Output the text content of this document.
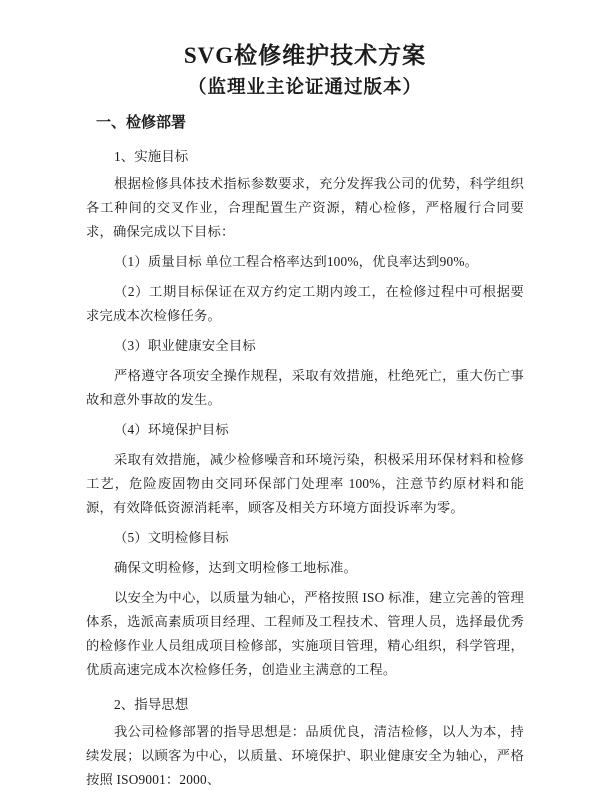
SVG检修维护技术方案
（监理业主论证通过版本）
一、检修部署
1、实施目标

根据检修具体技术指标参数要求，充分发挥我公司的优势，科学组织各工种间的交叉作业，合理配置生产资源，精心检修，严格履行合同要求，确保完成以下目标：

（1）质量目标 单位工程合格率达到100%，优良率达到90%。

（2）工期目标保证在双方约定工期内竣工，在检修过程中可根据要求完成本次检修任务。

（3）职业健康安全目标

严格遵守各项安全操作规程，采取有效措施，杜绝死亡，重大伤亡事故和意外事故的发生。

（4）环境保护目标

采取有效措施，减少检修噪音和环境污染，积极采用环保材料和检修工艺，危险废固物由交同环保部门处理率 100%，注意节约原材料和能源，有效降低资源消耗率，顾客及相关方环境方面投诉率为零。

（5）文明检修目标

确保文明检修，达到文明检修工地标准。

以安全为中心，以质量为轴心，严格按照 ISO 标准，建立完善的管理体系，选派高素质项目经理、工程师及工程技术、管理人员，选择最优秀的检修作业人员组成项目检修部，实施项目管理，精心组织，科学管理，优质高速完成本次检修任务，创造业主满意的工程。

2、指导思想

我公司检修部署的指导思想是：品质优良，清洁检修，以人为本，持续发展；以顾客为中心，以质量、环境保护、职业健康安全为轴心，严格按照 ISO9001：2000、
